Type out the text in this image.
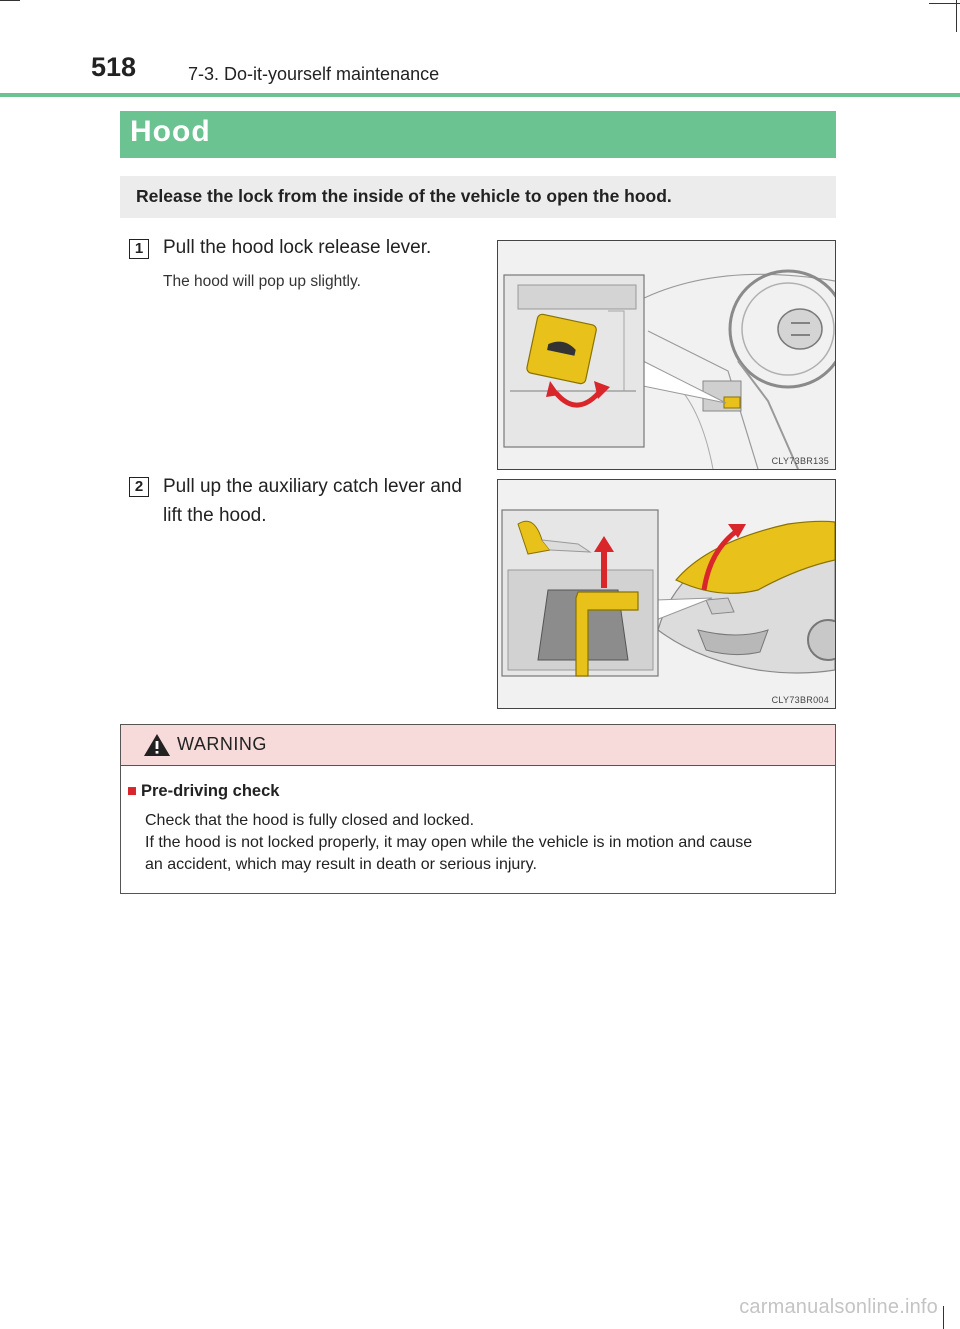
518	7-3. Do-it-yourself maintenance
Hood
Release the lock from the inside of the vehicle to open the hood.
1	Pull the hood lock release lever.
The hood will pop up slightly.
CLY73BR135
2	Pull up the auxiliary catch lever and
lift the hood.
CLY73BR004
WARNING
■ Pre-driving check
Check that the hood is fully closed and locked.
If the hood is not locked properly, it may open while the vehicle is in motion and cause
an accident, which may result in death or serious injury.
carmanualsonline.info
